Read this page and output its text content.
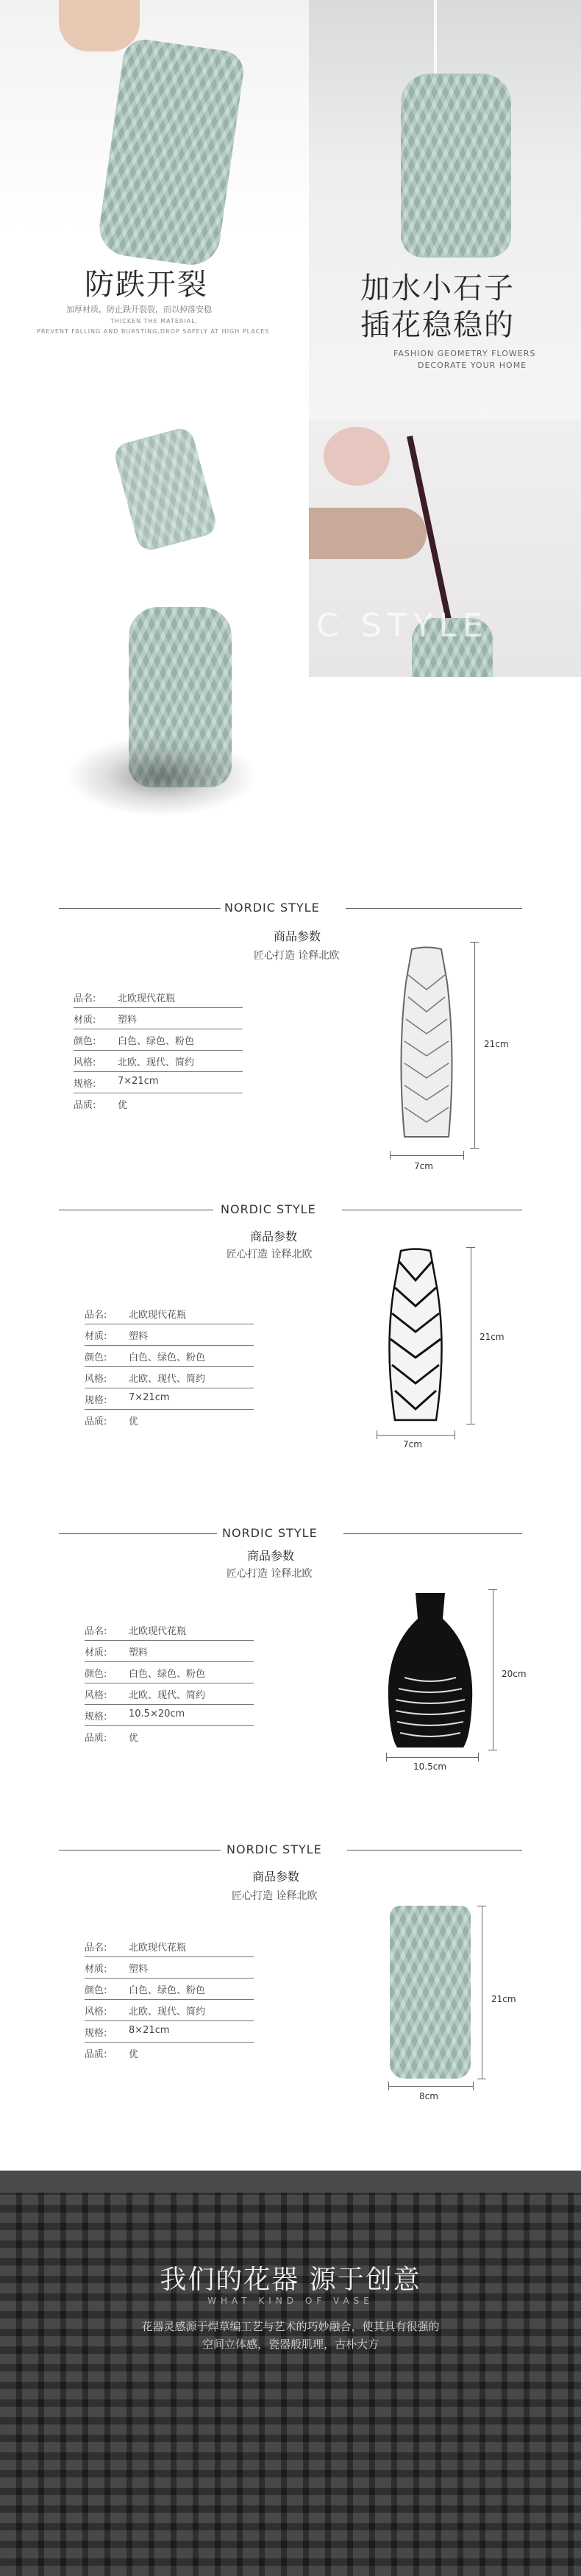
防跌开裂
加厚材质，防止跌开裂裂，而以掉落安稳
THICKEN THE MATERIAL,
PREVENT FALLING AND BURSTING,DROP SAFELY AT HIGH PLACES
加水小石子
插花稳稳的
FASHION GEOMETRY FLOWERS
DECORATE YOUR HOME
C STYLE
NORDIC STYLE
商品参数
匠心打造 诠释北欧
品名: 北欧现代花瓶
材质: 塑料
颜色: 白色、绿色、粉色
风格: 北欧、现代、简约
规格: 7×21cm
品质: 优
21cm
7cm
NORDIC STYLE
商品参数
匠心打造 诠释北欧
品名: 北欧现代花瓶
材质: 塑料
颜色: 白色、绿色、粉色
风格: 北欧、现代、简约
规格: 7×21cm
品质: 优
21cm
7cm
NORDIC STYLE
商品参数
匠心打造 诠释北欧
品名: 北欧现代花瓶
材质: 塑料
颜色: 白色、绿色、粉色
风格: 北欧、现代、简约
规格: 10.5×20cm
品质: 优
20cm
10.5cm
NORDIC STYLE
商品参数
匠心打造 诠释北欧
品名: 北欧现代花瓶
材质: 塑料
颜色: 白色、绿色、粉色
风格: 北欧、现代、简约
规格: 8×21cm
品质: 优
21cm
8cm
我们的花器 源于创意
WHAT KIND OF VASE
花器灵感源于焊草编工艺与艺术的巧妙融合，使其具有很强的
空间立体感，瓷器般肌理，古朴大方
